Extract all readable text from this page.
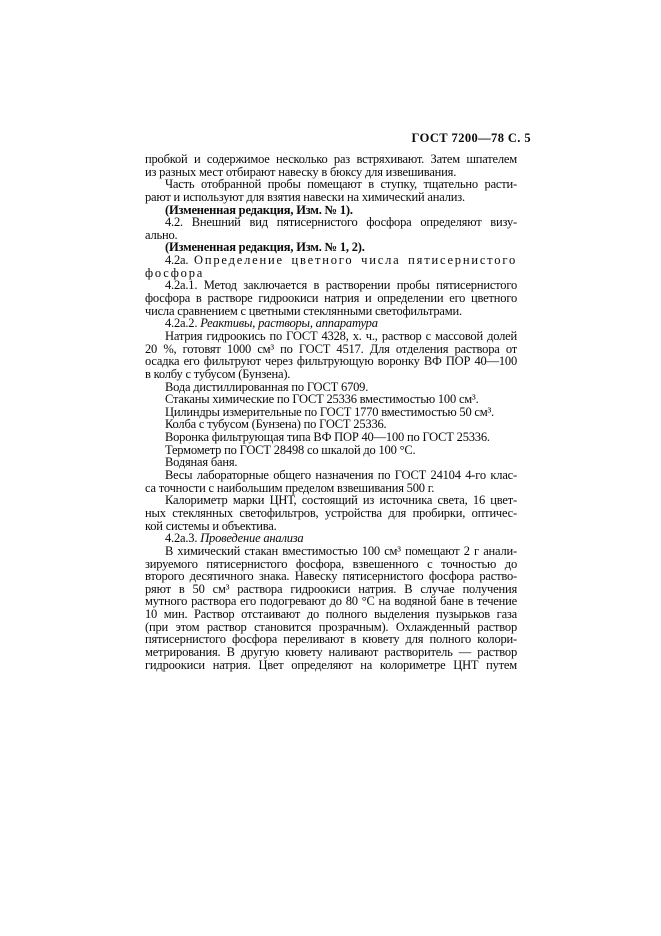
ГОСТ 7200—78 С. 5
пробкой и содержимое несколько раз встряхивают. Затем шпателем
из разных мест отбирают навеску в бюксу для извешивания.
Часть отобранной пробы помещают в ступку, тщательно расти-
рают и используют для взятия навески на химический анализ.
(Измененная редакция, Изм. № 1).
4.2. Внешний вид пятисернистого фосфора определяют визу-
ально.
(Измененная редакция, Изм. № 1, 2).
4.2а. Определение цветного числа пятисернистого
фосфора
4.2а.1. Метод заключается в растворении пробы пятисернистого
фосфора в растворе гидроокиси натрия и определении его цветного
числа сравнением с цветными стеклянными светофильтрами.
4.2а.2. Реактивы, растворы, аппаратура
Натрия гидроокись по ГОСТ 4328, х. ч., раствор с массовой долей
20 %, готовят 1000 см³ по ГОСТ 4517. Для отделения раствора от
осадка его фильтруют через фильтрующую воронку ВФ ПОР 40—100
в колбу с тубусом (Бунзена).
Вода дистиллированная по ГОСТ 6709.
Стаканы химические по ГОСТ 25336 вместимостью 100 см³.
Цилиндры измерительные по ГОСТ 1770 вместимостью 50 см³.
Колба с тубусом (Бунзена) по ГОСТ 25336.
Воронка фильтрующая типа ВФ ПОР 40—100 по ГОСТ 25336.
Термометр по ГОСТ 28498 со шкалой до 100 °С.
Водяная баня.
Весы лабораторные общего назначения по ГОСТ 24104 4-го клас-
са точности с наибольшим пределом взвешивания 500 г.
Калориметр марки ЦНТ, состоящий из источника света, 16 цвет-
ных стеклянных светофильтров, устройства для пробирки, оптичес-
кой системы и объектива.
4.2а.3. Проведение анализа
В химический стакан вместимостью 100 см³ помещают 2 г анали-
зируемого пятисернистого фосфора, взвешенного с точностью до
второго десятичного знака. Навеску пятисернистого фосфора раство-
ряют в 50 см³ раствора гидроокиси натрия. В случае получения
мутного раствора его подогревают до 80 °С на водяной бане в течение
10 мин. Раствор отстаивают до полного выделения пузырьков газа
(при этом раствор становится прозрачным). Охлажденный раствор
пятисернистого фосфора переливают в кювету для полного колори-
метрирования. В другую кювету наливают растворитель — раствор
гидроокиси натрия. Цвет определяют на колориметре ЦНТ путем
